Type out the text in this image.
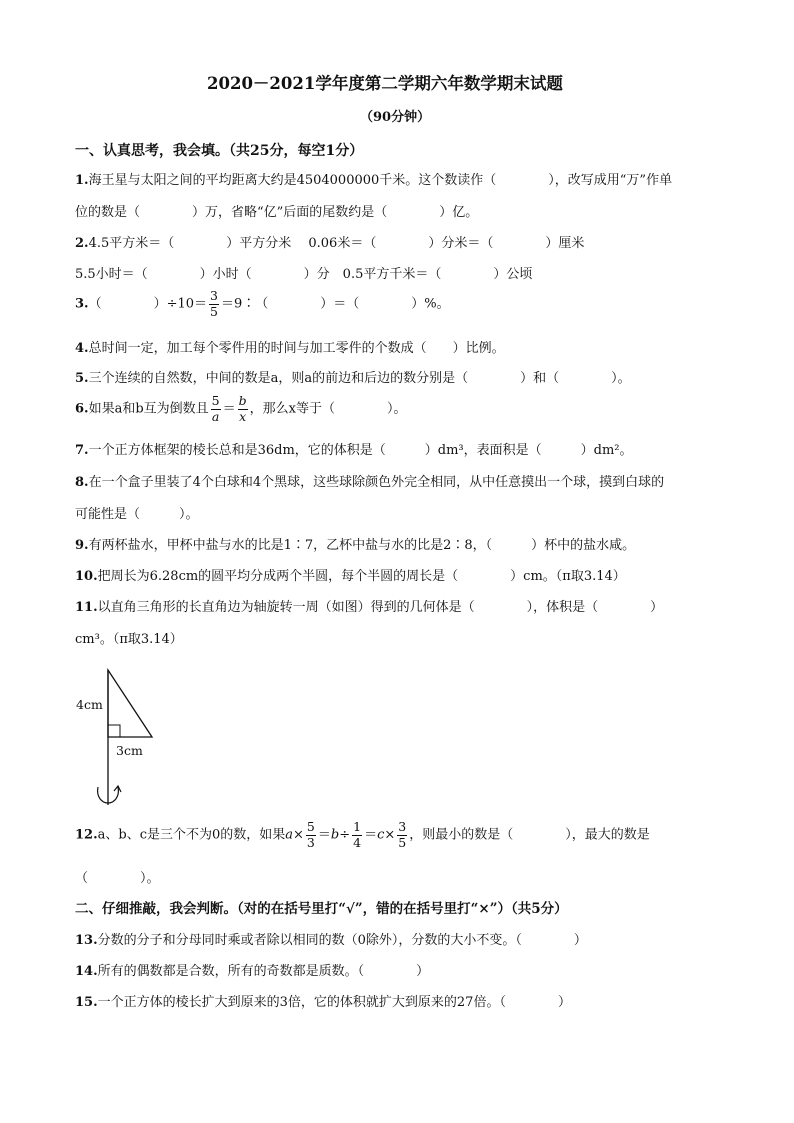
2020－2021学年度第二学期六年数学期末试题
（90分钟）
一、认真思考，我会填。（共25分，每空1分）
1.海王星与太阳之间的平均距离大约是4504000000千米。这个数读作（　　　　），改写成用“万”作单
位的数是（　　　　）万，省略“亿”后面的尾数约是（　　　　）亿。
2.4.5平方米＝（　　　　）平方分米　 0.06米＝（　　　　）分米＝（　　　　）厘米
5.5小时＝（　　　　）小时（　　　　）分　0.5平方千米＝（　　　　）公顷
3.（　　　　）$\div 10= \frac{3}{5}$ ＝9∶（　　　　）＝（　　　　）%。
4.总时间一定，加工每个零件用的时间与加工零件的个数成（　　）比例。
5.三个连续的自然数，中间的数是a，则a的前边和后边的数分别是（　　　　）和（　　　　）。
6.如果a和b互为倒数且 $\frac{5}{a} = \frac{b}{x}$ ，那么x等于（　　　　）。
7.一个正方体框架的棱长总和是36dm，它的体积是（　　　）dm³，表面积是（　　　）dm²。
8.在一个盒子里装了4个白球和4个黑球，这些球除颜色外完全相同，从中任意摸出一个球，摸到白球的
可能性是（　　　）。
9.有两杯盐水，甲杯中盐与水的比是1∶7，乙杯中盐与水的比是2∶8，（　　　）杯中的盐水咸。
10.把周长为6.28cm的圆平均分成两个半圆，每个半圆的周长是（　　　　）cm。（π取3.14）
11.以直角三角形的长直角边为轴旋转一周（如图）得到的几何体是（　　　　），体积是（　　　　）
cm³。（π取3.14）
4cm
3cm
12.a、b、c是三个不为0的数，如果$a\times \frac{5}{3} =b\div \frac{1}{4} =c\times \frac{3}{5}$ ，则最小的数是（　　　　），最大的数是
（　　　　）。
二、仔细推敲，我会判断。（对的在括号里打“√”，错的在括号里打“×”）（共5分）
13.分数的分子和分母同时乘或者除以相同的数（0除外），分数的大小不变。（　　　　）
14.所有的偶数都是合数，所有的奇数都是质数。（　　　　）
15.一个正方体的棱长扩大到原来的3倍，它的体积就扩大到原来的27倍。（　　　　）
